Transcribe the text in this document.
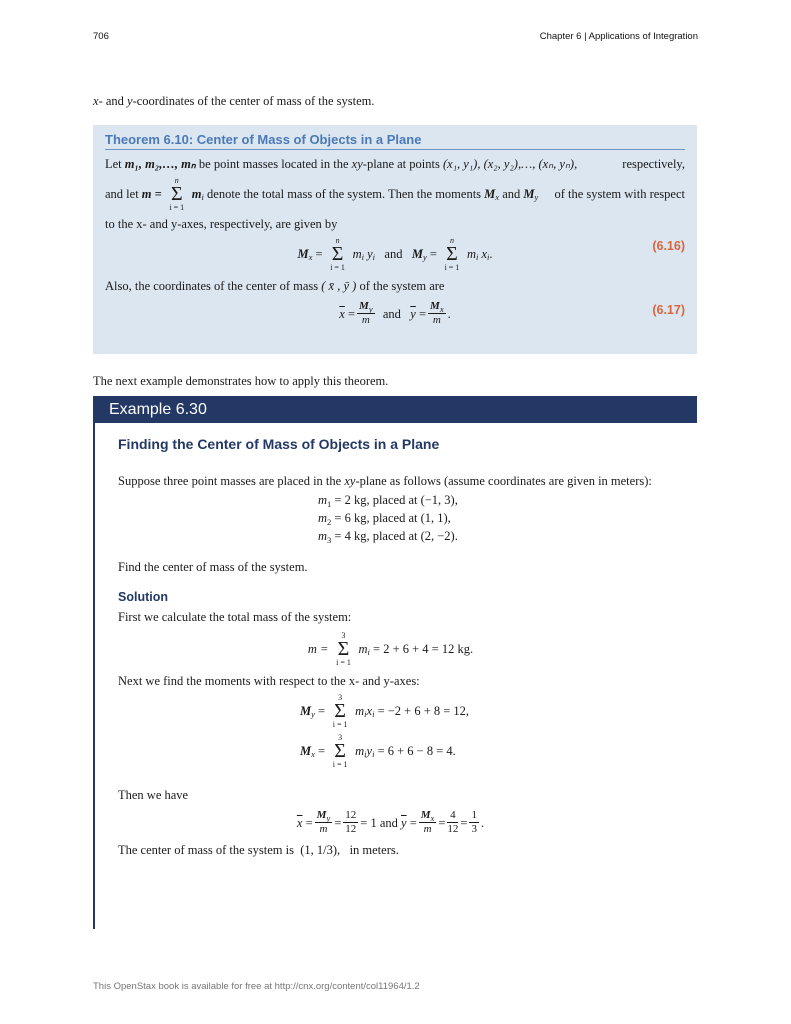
706	Chapter 6 | Applications of Integration
x- and y-coordinates of the center of mass of the system.
Theorem 6.10: Center of Mass of Objects in a Plane
Let m₁, m₂,…, mₙ be point masses located in the xy-plane at points (x₁, y₁), (x₂, y₂),…, (xₙ, yₙ),	respectively,
and let
m =
n
Σ
i = 1
m i
denote the total mass of the system. Then the moments
M x
and
M y of the system with respect
to the x- and y-axes, respectively, are given by
M x
=
n
Σ
i = 1
m i
y i
and
M y
=
n
Σ
i = 1
m i
x i .
(6.16)
Also, the coordinates of the center of mass ( x̄ , ȳ ) of the system are
$\overline{x}$
= $\frac{M_y}{m}$
and
$\overline{y}$
= $\frac{M_x}{m}$ .	(6.17)
The next example demonstrates how to apply this theorem.
Example 6.30
Finding the Center of Mass of Objects in a Plane
Suppose three point masses are placed in the xy-plane as follows (assume coordinates are given in meters):
$m_1 = 2$ kg, placed at (−1, 3),
$m_2 = 6$ kg, placed at (1, 1),
$m_3 = 4$ kg, placed at (2, −2).
Find the center of mass of the system.
Solution
First we calculate the total mass of the system:
m =
3
Σ
i = 1
m i
= 2 + 6 + 4 = 12 kg.
Next we find the moments with respect to the x- and y-axes:
M y
=
3
Σ
i = 1
m i x i
= −2 + 6 + 8 = 12,
M x
=
3
Σ
i = 1
m i y i
= 6 + 6 − 8 = 4.
Then we have
$\overline{x}$
= $\frac{M_y}{m} = \frac{12}{12} = 1$ and
$\overline{y}$
= $\frac{M_x}{m} = \frac{4}{12} = \frac{1}{3}$ .
The center of mass of the system is (1, 1/3), in meters.
This OpenStax book is available for free at http://cnx.org/content/col11964/1.2
